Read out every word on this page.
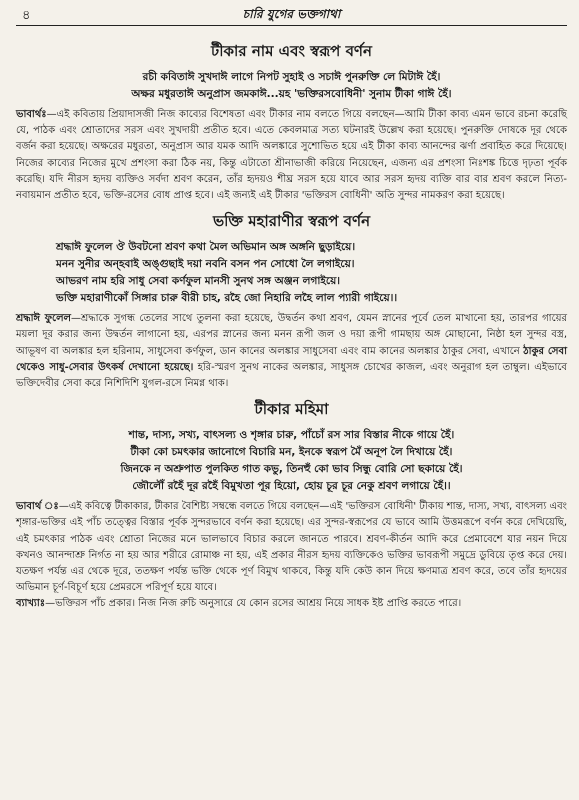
৪	চারি যুগের ভক্তগাথা
টীকার নাম এবং স্বরূপ বর্ণন

রচী কবিতাঈ সুখদাঈ লাগে নিপট সুহাই ও সচাঈ পুনরুক্তি লে মিটাঈ হৈঁ।

অক্ষর মধুরতাঈ অনুপ্রাস জমকাঈ...য়হ 'ভক্তিরসবোধিনী' সুনাম টীকা গাঈ হৈঁ।

ভাবার্থঃ—এই কবিতায় প্রিয়াদাসজী নিজ কাব্যের বিশেষতা এবং টীকার নাম বলতে গিয়ে বলছেন—আমি টীকা কাব্য এমন ভাবে রচনা করেছি যে, পাঠক এবং শ্রোতাদের সরস এবং সুখদায়ী প্রতীত হবে। এতে কেবলমাত্র সত্য ঘটনারই উল্লেখ করা হয়েছে। পুনরুক্তি দোষকে দূর থেকে বর্জন করা হয়েছে। অক্ষরের মধুরতা, অনুপ্রাস আর যমক আদি অলঙ্কারে সুশোভিত হয়ে এই টীকা কাব্য আনন্দের ঝর্ণা প্রবাহিত করে দিয়েছে। নিজের কাব্যের নিজের মুখে প্রশংসা করা ঠিক নয়, কিন্তু এটাতো শ্রীনাভাজী করিয়ে নিয়েছেন, এজন্য এর প্রশংসা নিঃশঙ্ক চিত্তে দৃঢ়তা পূর্বক করেছি। যদি নীরস হৃদয় ব্যক্তিও সর্বদা শ্রবণ করেন, তাঁর হৃদয়ও শীঘ্র সরস হয়ে যাবে আর সরস হৃদয় ব্যক্তি বার বার শ্রবণ করলে নিত্য-নবায়মান প্রতীত হবে, ভক্তি-রসের বোধ প্রাপ্ত হবে। এই জন্যই এই টীকার 'ভক্তিরস বোধিনী' অতি সুন্দর নামকরণ করা হয়েছে।

ভক্তি মহারাণীর স্বরূপ বর্ণন

শ্রদ্ধাঈ ফুলেল ঔ উবটনো শ্রবণ কথা মৈল অভিমান অঙ্গ অঙ্গনি ছুড়াইয়ে।

মনন সুনীর অন্হবাই অঙ্গুছাই দয়া নবনি বসন পন সোধো লৈ লগাইয়ে।

আভরণ নাম হরি সাধু সেবা কর্ণফুল মানসী সুনথ সঙ্গ অঞ্জন লগাইয়ে।

ভক্তি মহারাণীকোঁ সিঙ্গার চারু বীরী চাহ, রহৈ জো নিহারি লহৈ লাল প্যারী গাইয়ে।।

শ্রদ্ধাঈ ফুলেল—শ্রদ্ধাকে সুগন্ধ তেলের সাথে তুলনা করা হয়েছে, উদ্বর্তন কথা শ্রবণ, যেমন স্নানের পূর্বে তেল মাখানো হয়, তারপর গায়ের ময়লা দূর করার জন্য উদ্বর্তন লাগানো হয়, এরপর স্নানের জন্য মনন রূপী জল ও দয়া রূপী গামছায় অঙ্গ মোছানো, নিষ্ঠা হল সুন্দর বস্ত্র, আভূষণ বা অলঙ্কার হল হরিনাম, সাধুসেবা কর্ণফুল, ডান কানের অলঙ্কার সাধুসেবা এবং বাম কানের অলঙ্কার ঠাকুর সেবা, এখানে ঠাকুর সেবা থেকেও সাধু-সেবার উৎকর্ষ দেখানো হয়েছে। হরি-স্মরণ সুনথ নাকের অলঙ্কার, সাধুসঙ্গ চোখের কাজল, এবং অনুরাগ হল তাম্বুল। এইভাবে ভক্তিদেবীর সেবা করে নিশিদিশি যুগল-রসে নিমগ্ন থাক।

টীকার মহিমা

শান্ত, দাস্য, সখ্য, বাৎসল্য ও শৃঙ্গার চারু, পাঁচোঁ রস সার বিস্তার নীকে গায়ে হৈঁ।

টীকা কো চমৎকার জানোগে বিচারি মন, ইনকে স্বরূপ মৈঁ অনূপ লৈ দিখায়ে হৈঁ।

জিনকে ন অশ্রুপাত পুলকিত গাত কভু, তিনহুঁ কো ভাব সিন্ধু বোরি সো ছকায়ে হৈঁ।

জৌলৌঁ রহৈঁ দূর রহৈঁ বিমুখতা পূর হিয়ো, হোয় চূর চূর নেকু শ্রবণ লগায়ে হৈঁ।।

ভাবার্থ ঃ—এই কবিত্বে টীকাকার, টীকার বৈশিষ্ট্য সম্বন্ধে বলতে গিয়ে বলছেন—এই 'ভক্তিরস বোধিনী' টীকায় শান্ত, দাস্য, সখ্য, বাৎসল্য এবং শৃঙ্গার-ভক্তির এই পাঁচ তত্ত্বের বিস্তার পূর্বক সুন্দরভাবে বর্ণন করা হয়েছে। এর সুন্দর-স্বরূপের যে ভাবে আমি উত্তমরূপে বর্ণন করে দেখিয়েছি, এই চমৎকার পাঠক এবং শ্রোতা নিজের মনে ভালভাবে বিচার করলে জানতে পারবে। শ্রবণ-কীর্তন আদি করে প্রেমাবেশে যার নয়ন দিয়ে কখনও আনন্দাশ্রু নির্গত না হয় আর শরীরে রোমাঞ্চ না হয়, এই প্রকার নীরস হৃদয় ব্যক্তিকেও ভক্তির ভাবরূপী সমুদ্রে ডুবিয়ে তৃপ্ত করে দেয়। যতক্ষণ পর্যন্ত এর থেকে দূরে, ততক্ষণ পর্যন্ত ভক্তি থেকে পূর্ণ বিমুখ থাকবে, কিন্তু যদি কেউ কান দিয়ে ক্ষণমাত্র শ্রবণ করে, তবে তাঁর হৃদয়ের অভিমান চূর্ণ-বিচূর্ণ হয়ে প্রেমরসে পরিপূর্ণ হয়ে যাবে।

ব্যাখ্যাঃ—ভক্তিরস পাঁচ প্রকার। নিজ নিজ রুচি অনুসারে যে কোন রসের আশ্রয় নিয়ে সাধক ইষ্ট প্রাপ্তি করতে পারে।
